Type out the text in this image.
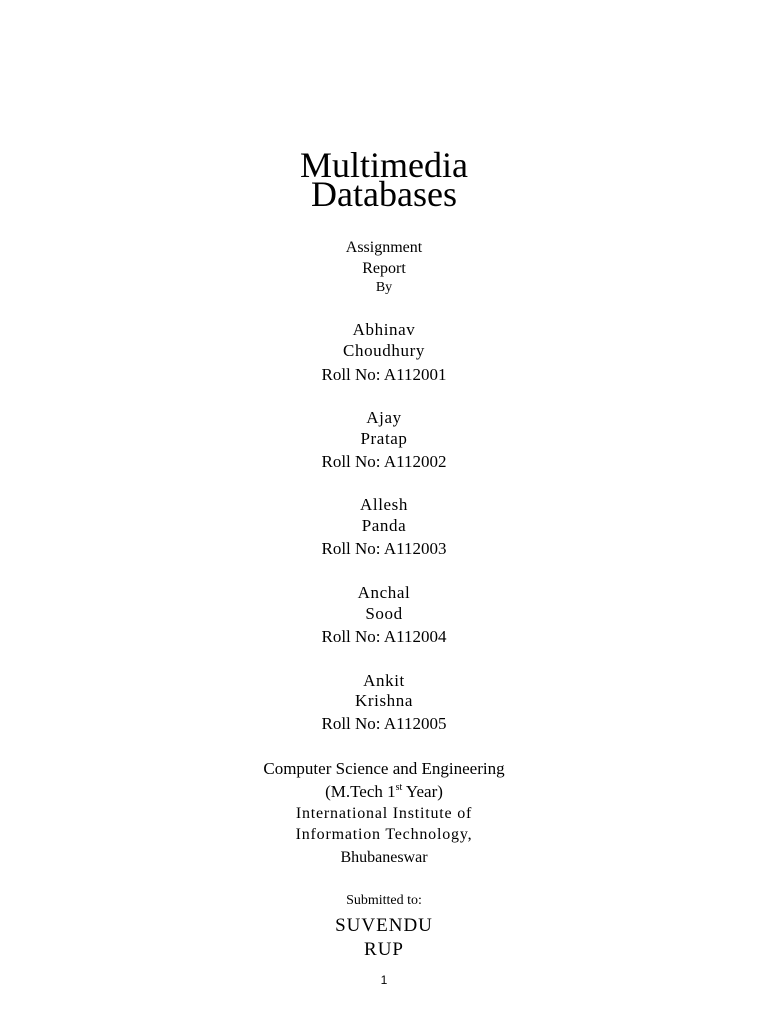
Multimedia
Databases
Assignment
Report
By
Abhinav
Choudhury
Roll No: A112001
Ajay
Pratap
Roll No: A112002
Allesh
Panda
Roll No: A112003
Anchal
Sood
Roll No: A112004
Ankit
Krishna
Roll No: A112005
Computer Science and Engineering
(M.Tech 1st Year)
International Institute of
Information Technology,
Bhubaneswar
Submitted to:
SUVENDU
RUP
1
